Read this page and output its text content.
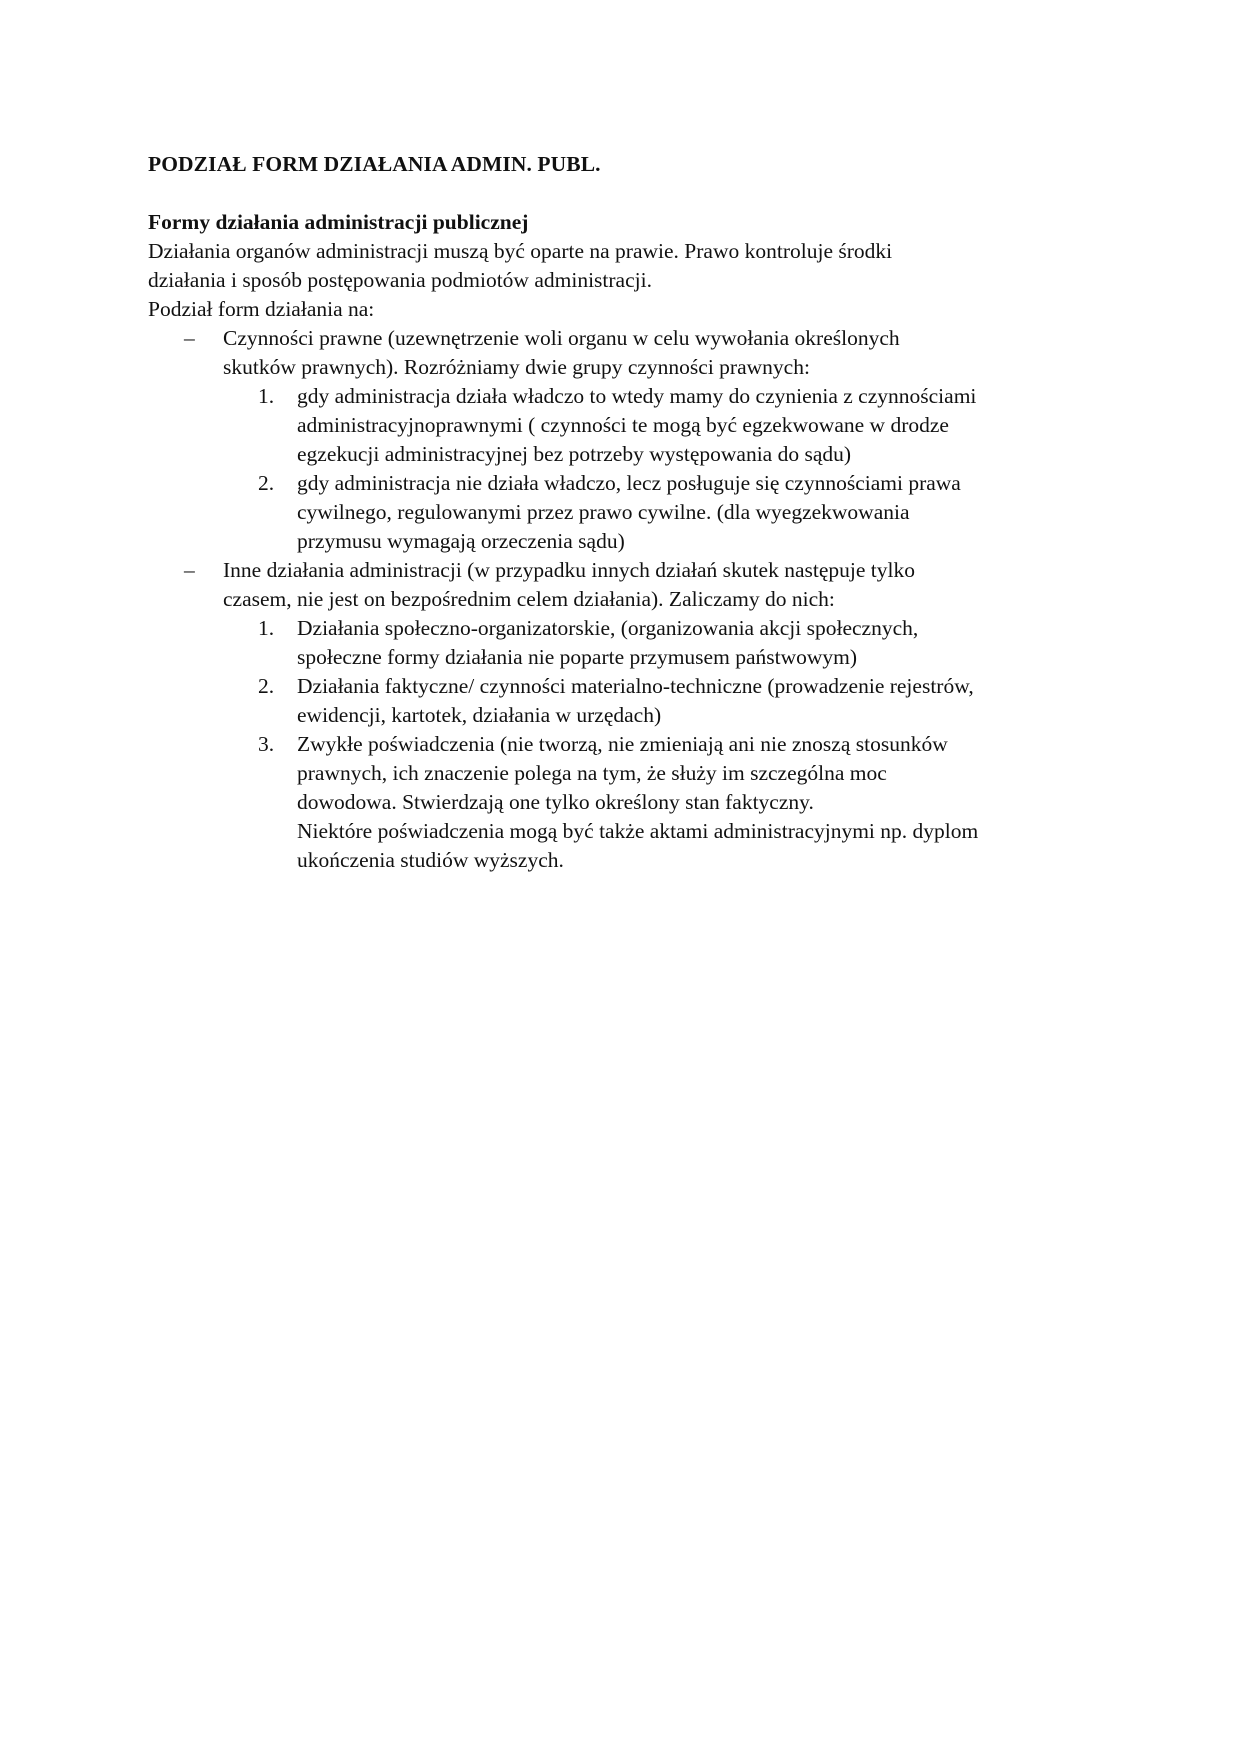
PODZIAŁ FORM DZIAŁANIA ADMIN. PUBL.
Formy działania administracji publicznej
Działania organów administracji muszą być oparte na prawie. Prawo kontroluje środki
działania i sposób postępowania podmiotów administracji.
Podział form działania na:
– Czynności prawne (uzewnętrzenie woli organu w celu wywołania określonych
skutków prawnych). Rozróżniamy dwie grupy czynności prawnych:
1. gdy administracja działa władczo to wtedy mamy do czynienia z czynnościami
administracyjnoprawnymi ( czynności te mogą być egzekwowane w drodze
egzekucji administracyjnej bez potrzeby występowania do sądu)
2. gdy administracja nie działa władczo, lecz posługuje się czynnościami prawa
cywilnego, regulowanymi przez prawo cywilne. (dla wyegzekwowania
przymusu wymagają orzeczenia sądu)
– Inne działania administracji (w przypadku innych działań skutek następuje tylko
czasem, nie jest on bezpośrednim celem działania). Zaliczamy do nich:
1. Działania społeczno-organizatorskie, (organizowania akcji społecznych,
społeczne formy działania nie poparte przymusem państwowym)
2. Działania faktyczne/ czynności materialno-techniczne (prowadzenie rejestrów,
ewidencji, kartotek, działania w urzędach)
3. Zwykłe poświadczenia (nie tworzą, nie zmieniają ani nie znoszą stosunków
prawnych, ich znaczenie polega na tym, że służy im szczególna moc
dowodowa. Stwierdzają one tylko określony stan faktyczny.
Niektóre poświadczenia mogą być także aktami administracyjnymi np. dyplom
ukończenia studiów wyższych.
